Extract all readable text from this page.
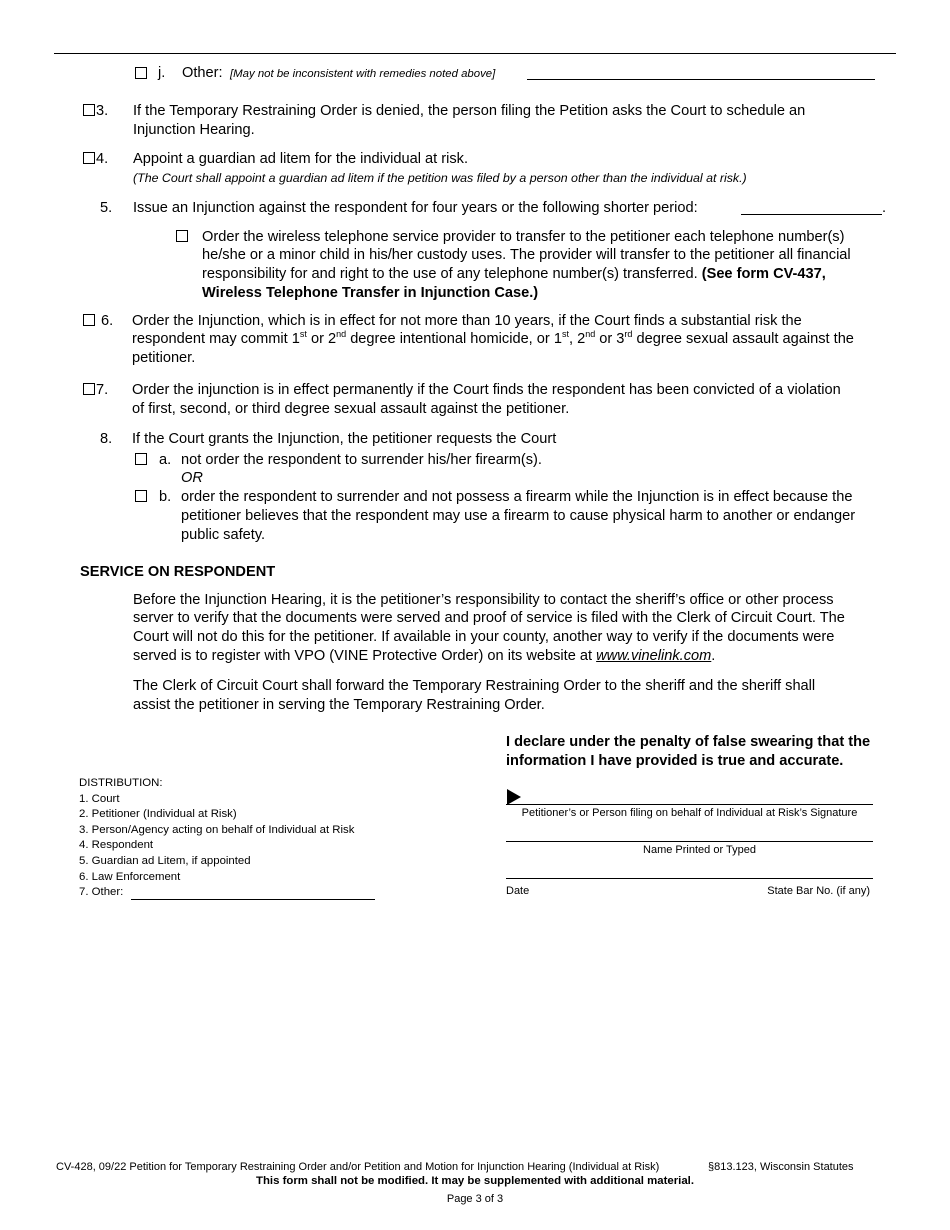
j. Other: [May not be inconsistent with remedies noted above]
3. If the Temporary Restraining Order is denied, the person filing the Petition asks the Court to schedule an
Injunction Hearing.
4. Appoint a guardian ad litem for the individual at risk.
(The Court shall appoint a guardian ad litem if the petition was filed by a person other than the individual at risk.)
5. Issue an Injunction against the respondent for four years or the following shorter period:	.
Order the wireless telephone service provider to transfer to the petitioner each telephone number(s)
he/she or a minor child in his/her custody uses. The provider will transfer to the petitioner all financial
responsibility for and right to the use of any telephone number(s) transferred. (See form CV-437,
Wireless Telephone Transfer in Injunction Case.)
6. Order the Injunction, which is in effect for not more than 10 years, if the Court finds a substantial risk the
respondent may commit 1st or 2nd degree intentional homicide, or 1st, 2nd or 3rd degree sexual assault against the
petitioner.
7. Order the injunction is in effect permanently if the Court finds the respondent has been convicted of a violation
of first, second, or third degree sexual assault against the petitioner.
8. If the Court grants the Injunction, the petitioner requests the Court
a. not order the respondent to surrender his/her firearm(s).
OR
b. order the respondent to surrender and not possess a firearm while the Injunction is in effect because the
petitioner believes that the respondent may use a firearm to cause physical harm to another or endanger
public safety.
SERVICE ON RESPONDENT
Before the Injunction Hearing, it is the petitioner’s responsibility to contact the sheriff’s office or other process
server to verify that the documents were served and proof of service is filed with the Clerk of Circuit Court. The
Court will not do this for the petitioner. If available in your county, another way to verify if the documents were
served is to register with VPO (VINE Protective Order) on its website at www.vinelink.com.
The Clerk of Circuit Court shall forward the Temporary Restraining Order to the sheriff and the sheriff shall
assist the petitioner in serving the Temporary Restraining Order.
I declare under the penalty of false swearing that the
information I have provided is true and accurate.
Petitioner’s or Person filing on behalf of Individual at Risk’s Signature
Name Printed or Typed
Date	State Bar No. (if any)
DISTRIBUTION:
1. Court
2. Petitioner (Individual at Risk)
3. Person/Agency acting on behalf of Individual at Risk
4. Respondent
5. Guardian ad Litem, if appointed
6. Law Enforcement
7. Other:
CV-428, 09/22 Petition for Temporary Restraining Order and/or Petition and Motion for Injunction Hearing (Individual at Risk)	§813.123, Wisconsin Statutes
This form shall not be modified. It may be supplemented with additional material.
Page 3 of 3
